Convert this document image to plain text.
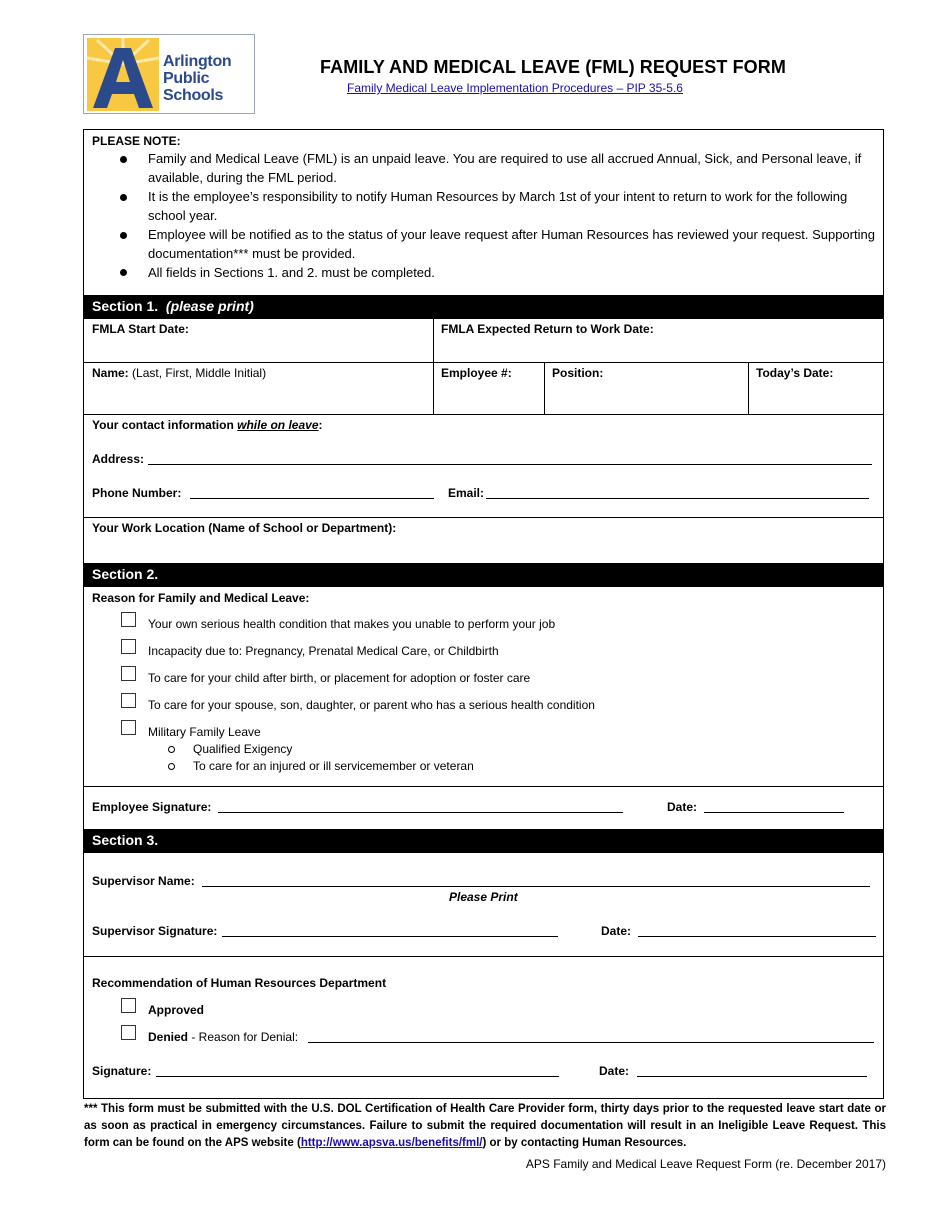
Arlington
Public
Schools
FAMILY AND MEDICAL LEAVE (FML) REQUEST FORM
Family Medical Leave Implementation Procedures – PIP 35-5.6
PLEASE NOTE:
Family and Medical Leave (FML) is an unpaid leave. You are required to use all accrued Annual, Sick, and Personal leave, if available, during the FML period.
It is the employee’s responsibility to notify Human Resources by March 1st of your intent to return to work for the following school year.
Employee will be notified as to the status of your leave request after Human Resources has reviewed your request. Supporting documentation*** must be provided.
All fields in Sections 1. and 2. must be completed.
Section 1. (please print)
FMLA Start Date:	FMLA Expected Return to Work Date:
Name: (Last, First, Middle Initial)	Employee #:	Position:	Today’s Date:
Your contact information while on leave:
Address:
Phone Number:	Email:
Your Work Location (Name of School or Department):
Section 2.
Reason for Family and Medical Leave:
Your own serious health condition that makes you unable to perform your job
Incapacity due to: Pregnancy, Prenatal Medical Care, or Childbirth
To care for your child after birth, or placement for adoption or foster care
To care for your spouse, son, daughter, or parent who has a serious health condition
Military Family Leave
Qualified Exigency
To care for an injured or ill servicemember or veteran
Employee Signature:	Date:
Section 3.
Supervisor Name:
Please Print
Supervisor Signature:	Date:
Recommendation of Human Resources Department
Approved
Denied - Reason for Denial:
Signature:	Date:
*** This form must be submitted with the U.S. DOL Certification of Health Care Provider form, thirty days prior to the requested leave start date or as soon as practical in emergency circumstances. Failure to submit the required documentation will result in an Ineligible Leave Request. This form can be found on the APS website (http://www.apsva.us/benefits/fml/) or by contacting Human Resources.
APS Family and Medical Leave Request Form (re. December 2017)
